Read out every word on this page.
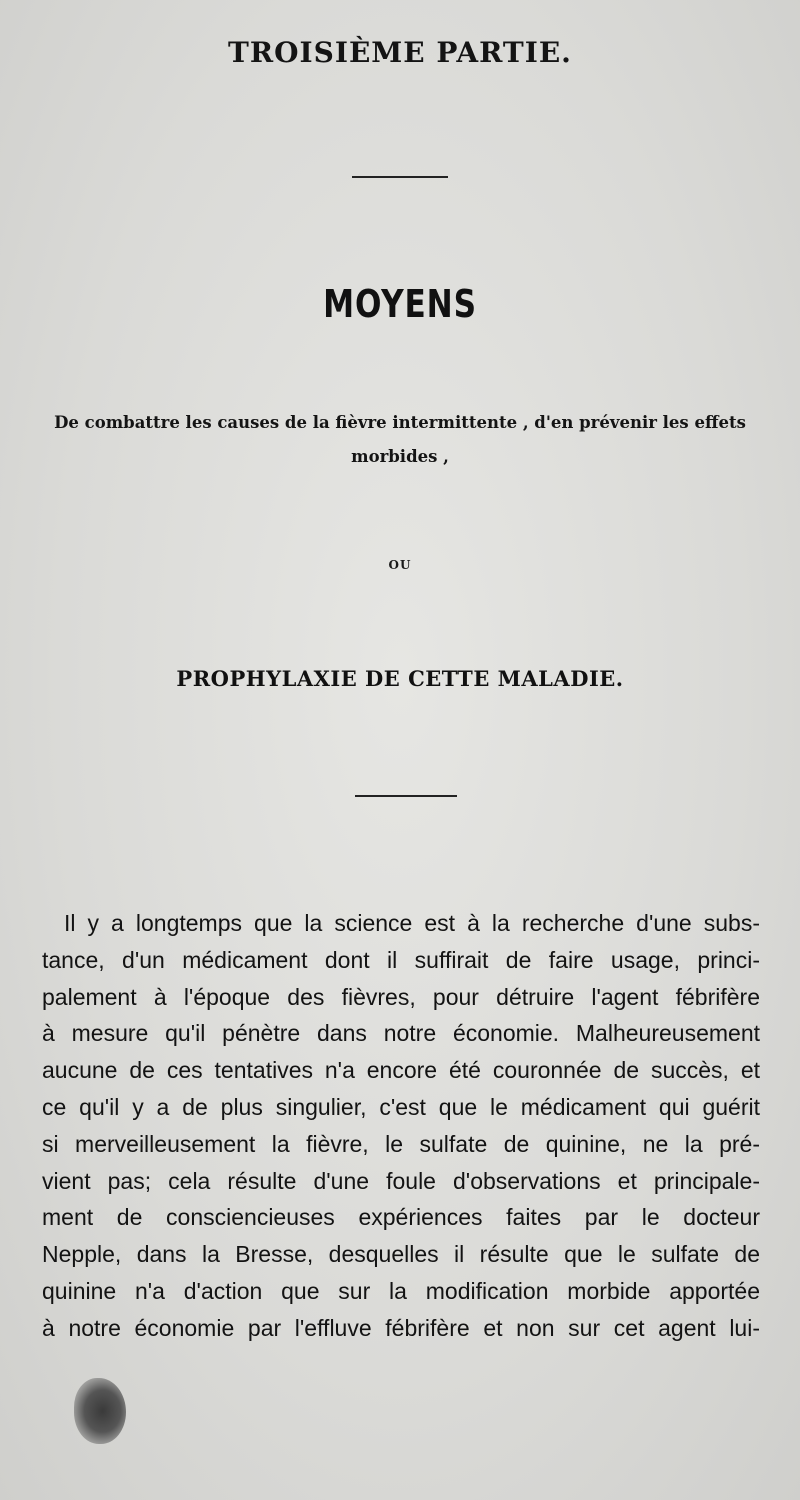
TROISIÈME PARTIE.
MOYENS
De combattre les causes de la fièvre intermittente , d'en prévenir les effets morbides ,
OU
PROPHYLAXIE DE CETTE MALADIE.
Il y a longtemps que la science est à la recherche d'une subs-
tance, d'un médicament dont il suffirait de faire usage, princi-
palement à l'époque des fièvres, pour détruire l'agent fébrifère
à mesure qu'il pénètre dans notre économie. Malheureusement
aucune de ces tentatives n'a encore été couronnée de succès, et
ce qu'il y a de plus singulier, c'est que le médicament qui guérit
si merveilleusement la fièvre, le sulfate de quinine, ne la pré-
vient pas; cela résulte d'une foule d'observations et principale-
ment de conscienciеuses expériences faites par le docteur
Nepple, dans la Bresse, desquelles il résulte que le sulfate de
quinine n'a d'action que sur la modification morbide apportée
à notre économie par l'effluve fébrifère et non sur cet agent lui-
